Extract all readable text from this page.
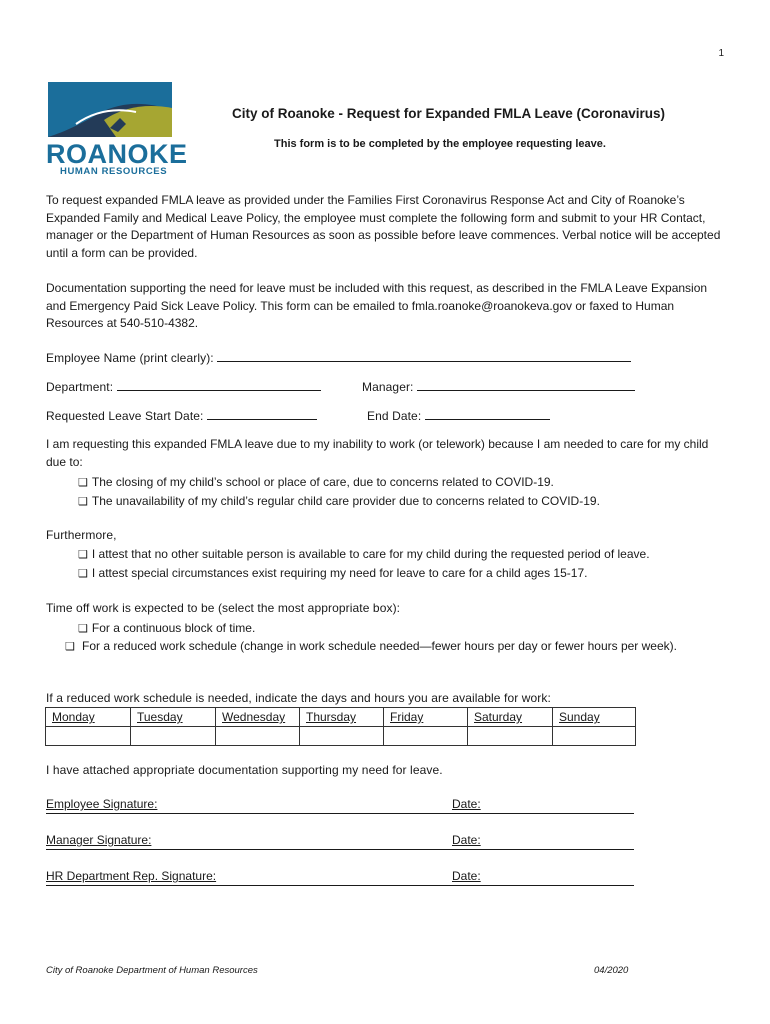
1
ROANOKE
HUMAN RESOURCES
City of Roanoke - Request for Expanded FMLA Leave (Coronavirus)
This form is to be completed by the employee requesting leave.
To request expanded FMLA leave as provided under the Families First Coronavirus Response Act and City of Roanoke’s Expanded Family and Medical Leave Policy, the employee must complete the following form and submit to your HR Contact, manager or the Department of Human Resources as soon as possible before leave commences. Verbal notice will be accepted until a form can be provided.
Documentation supporting the need for leave must be included with this request, as described in the FMLA Leave Expansion and Emergency Paid Sick Leave Policy. This form can be emailed to fmla.roanoke@roanokeva.gov or faxed to Human Resources at 540-510-4382.
Employee Name (print clearly):
Department:	Manager:
Requested Leave Start Date:	End Date:
I am requesting this expanded FMLA leave due to my inability to work (or telework) because I am needed to care for my child due to:
❑ The closing of my child’s school or place of care, due to concerns related to COVID-19.
❑ The unavailability of my child’s regular child care provider due to concerns related to COVID-19.
Furthermore,
❑ I attest that no other suitable person is available to care for my child during the requested period of leave.
❑ I attest special circumstances exist requiring my need for leave to care for a child ages 15-17.
Time off work is expected to be (select the most appropriate box):
❑ For a continuous block of time.
❑ For a reduced work schedule (change in work schedule needed—fewer hours per day or fewer hours per week).
If a reduced work schedule is needed, indicate the days and hours you are available for work:
Monday	Tuesday	Wednesday	Thursday	Friday	Saturday	Sunday

I have attached appropriate documentation supporting my need for leave.
Employee Signature:	Date:
Manager Signature:	Date:
HR Department Rep. Signature:	Date:
City of Roanoke Department of Human Resources	04/2020
